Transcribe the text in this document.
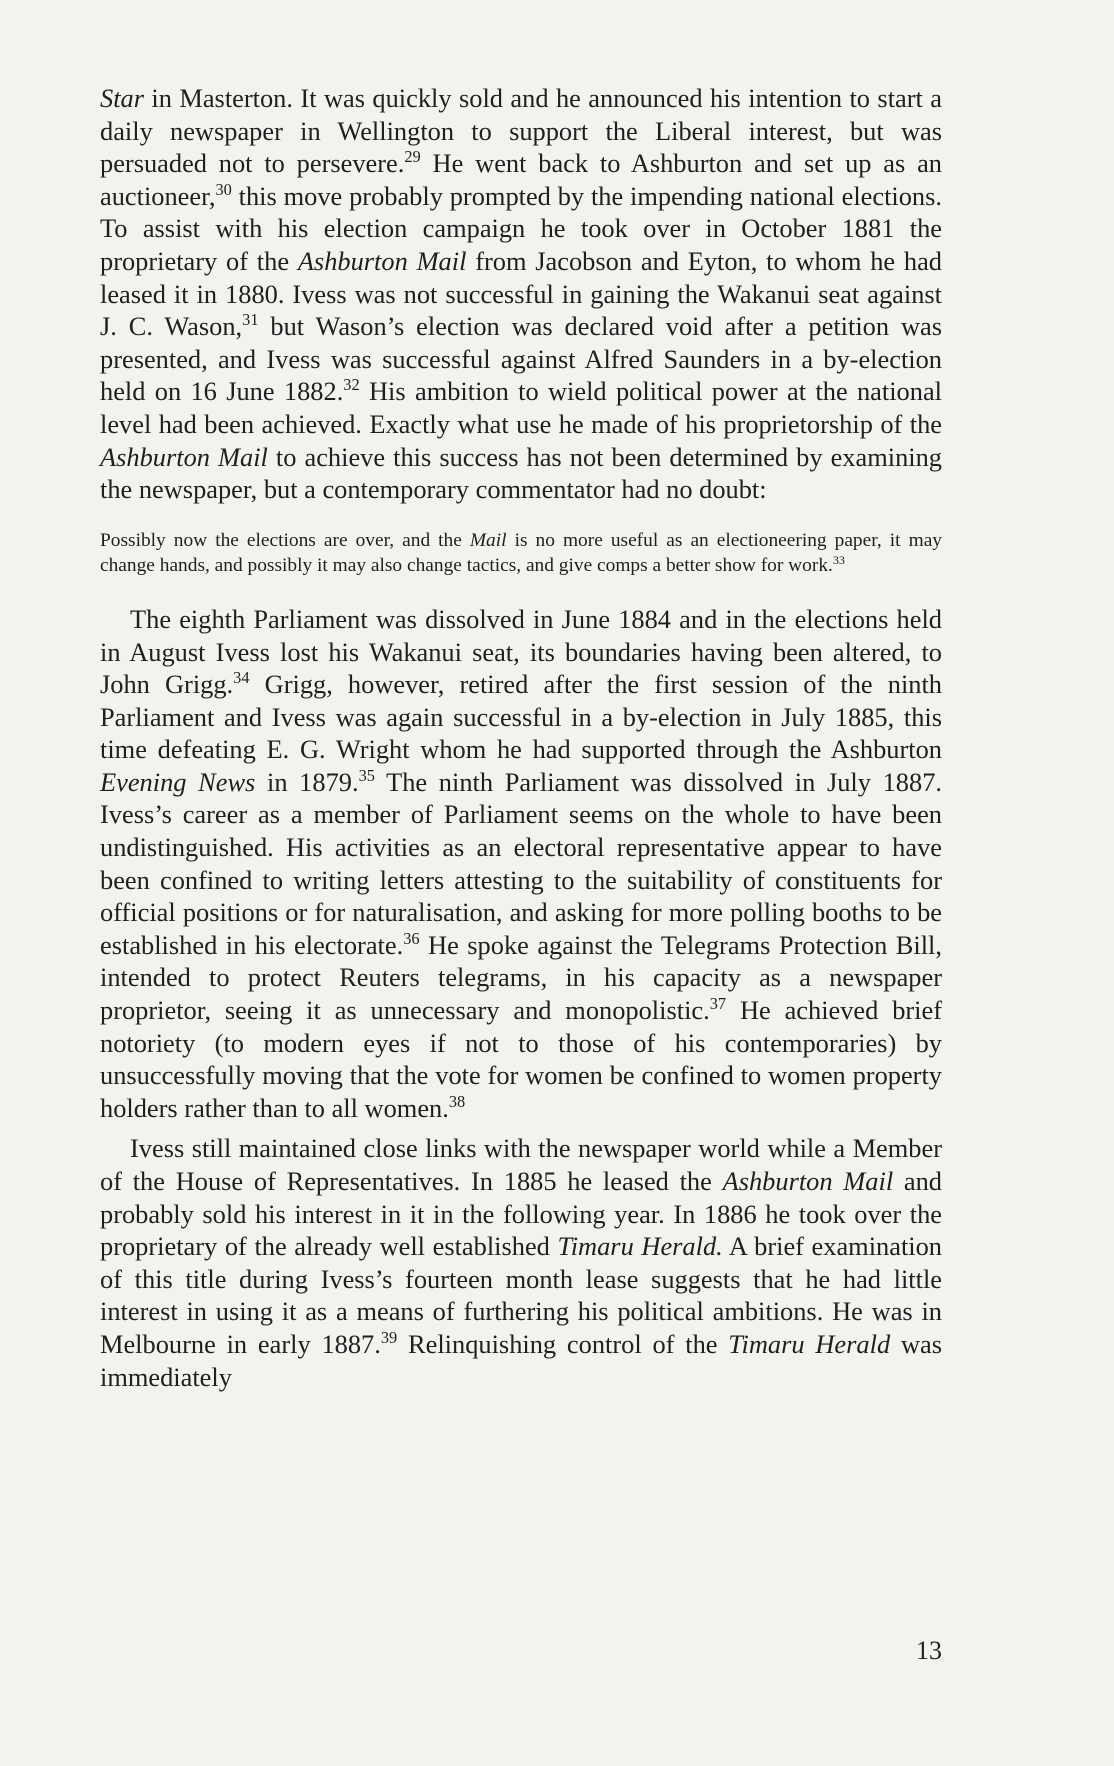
Star in Masterton. It was quickly sold and he announced his intention to start a daily newspaper in Wellington to support the Liberal interest, but was persuaded not to persevere.$^{29}$ He went back to Ashburton and set up as an auctioneer,$^{30}$ this move probably prompted by the impending national elections. To assist with his election campaign he took over in October 1881 the proprietary of the Ashburton Mail from Jacobson and Eyton, to whom he had leased it in 1880. Ivess was not successful in gaining the Wakanui seat against J. C. Wason,$^{31}$ but Wason’s election was declared void after a petition was presented, and Ivess was successful against Alfred Saunders in a by-election held on 16 June 1882.32 His ambition to wield political power at the national level had been achieved. Exactly what use he made of his proprietorship of the Ashburton Mail to achieve this success has not been determined by examining the newspaper, but a contemporary commentator had no doubt:

Possibly now the elections are over, and the Mail is no more useful as an electioneering paper, it may change hands, and possibly it may also change tactics, and give comps a better show for work.$^{33}$

The eighth Parliament was dissolved in June 1884 and in the elections held in August Ivess lost his Wakanui seat, its boundaries having been altered, to John Grigg.$^{34}$ Grigg, however, retired after the first session of the ninth Parliament and Ivess was again successful in a by-election in July 1885, this time defeating E. G. Wright whom he had supported through the Ashburton Evening News in 1879.35 The ninth Parliament was dissolved in July 1887. Ivess’s career as a member of Parliament seems on the whole to have been undistinguished. His activities as an electoral representative appear to have been confined to writing letters attesting to the suitability of constituents for official positions or for naturalisation, and asking for more polling booths to be established in his electorate.$^{36}$ He spoke against the Telegrams Protection Bill, intended to protect Reuters telegrams, in his capacity as a newspaper proprietor, seeing it as unnecessary and monopolistic.$^{37}$ He achieved brief notoriety (to modern eyes if not to those of his contemporaries) by unsuccessfully moving that the vote for women be confined to women property holders rather than to all women.$^{38}$

Ivess still maintained close links with the newspaper world while a Member of the House of Representatives. In 1885 he leased the Ashburton Mail and probably sold his interest in it in the following year. In 1886 he took over the proprietary of the already well established Timaru Herald. A brief examination of this title during Ivess’s fourteen month lease suggests that he had little interest in using it as a means of furthering his political ambitions. He was in Melbourne in early 1887.39 Relinquishing control of the Timaru Herald was immediately

13
